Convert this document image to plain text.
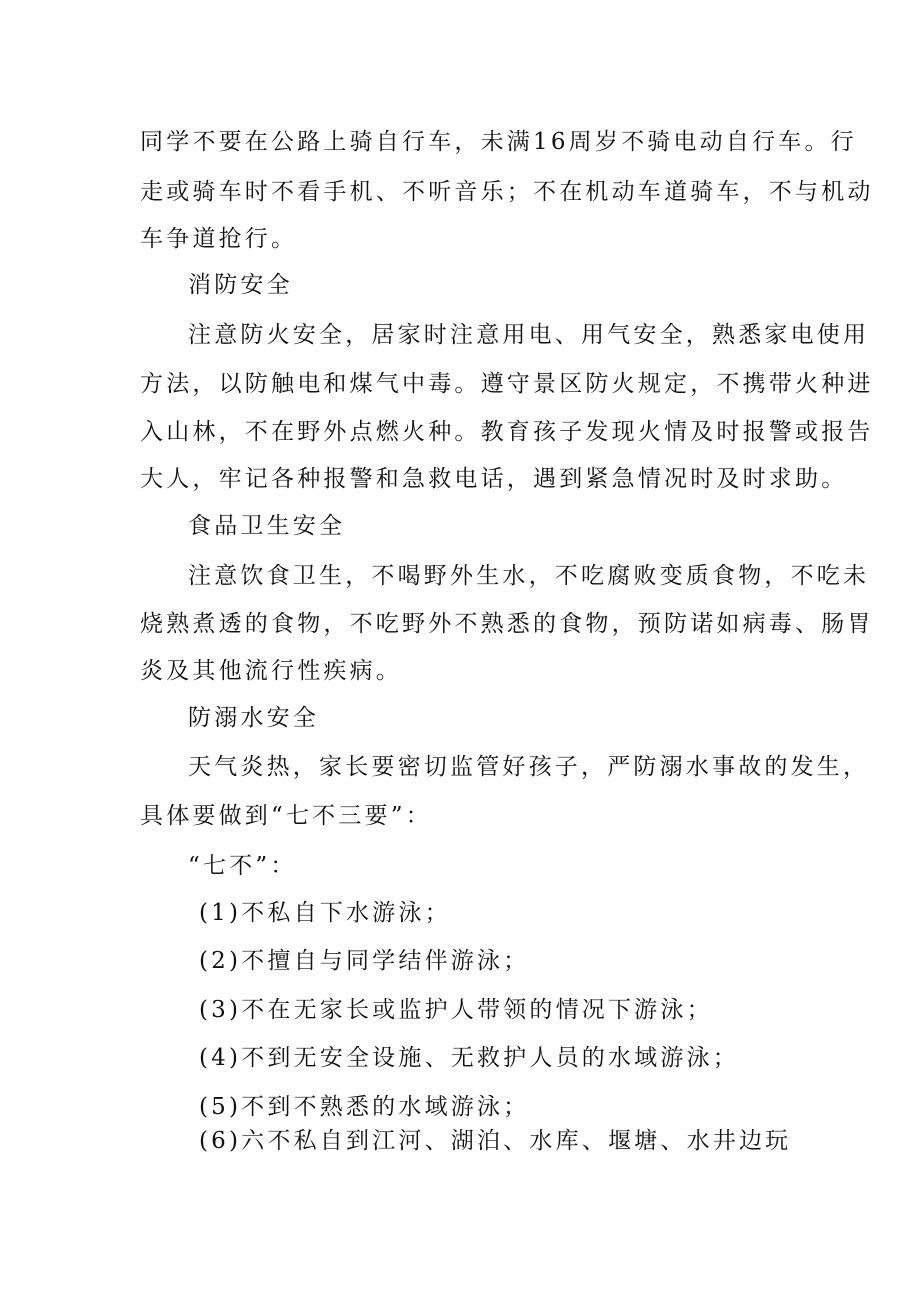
同学不要在公路上骑自行车，未满16周岁不骑电动自行车。行
走或骑车时不看手机、不听音乐；不在机动车道骑车，不与机动
车争道抢行。
消防安全
注意防火安全，居家时注意用电、用气安全，熟悉家电使用
方法，以防触电和煤气中毒。遵守景区防火规定，不携带火种进
入山林，不在野外点燃火种。教育孩子发现火情及时报警或报告
大人，牢记各种报警和急救电话，遇到紧急情况时及时求助。
食品卫生安全
注意饮食卫生，不喝野外生水，不吃腐败变质食物，不吃未
烧熟煮透的食物，不吃野外不熟悉的食物，预防诺如病毒、肠胃
炎及其他流行性疾病。
防溺水安全
天气炎热，家长要密切监管好孩子，严防溺水事故的发生，
具体要做到“七不三要”：
“七不”：
(1)不私自下水游泳；
(2)不擅自与同学结伴游泳；
(3)不在无家长或监护人带领的情况下游泳；
(4)不到无安全设施、无救护人员的水域游泳；
(5)不到不熟悉的水域游泳；
(6)六不私自到江河、湖泊、水库、堰塘、水井边玩
